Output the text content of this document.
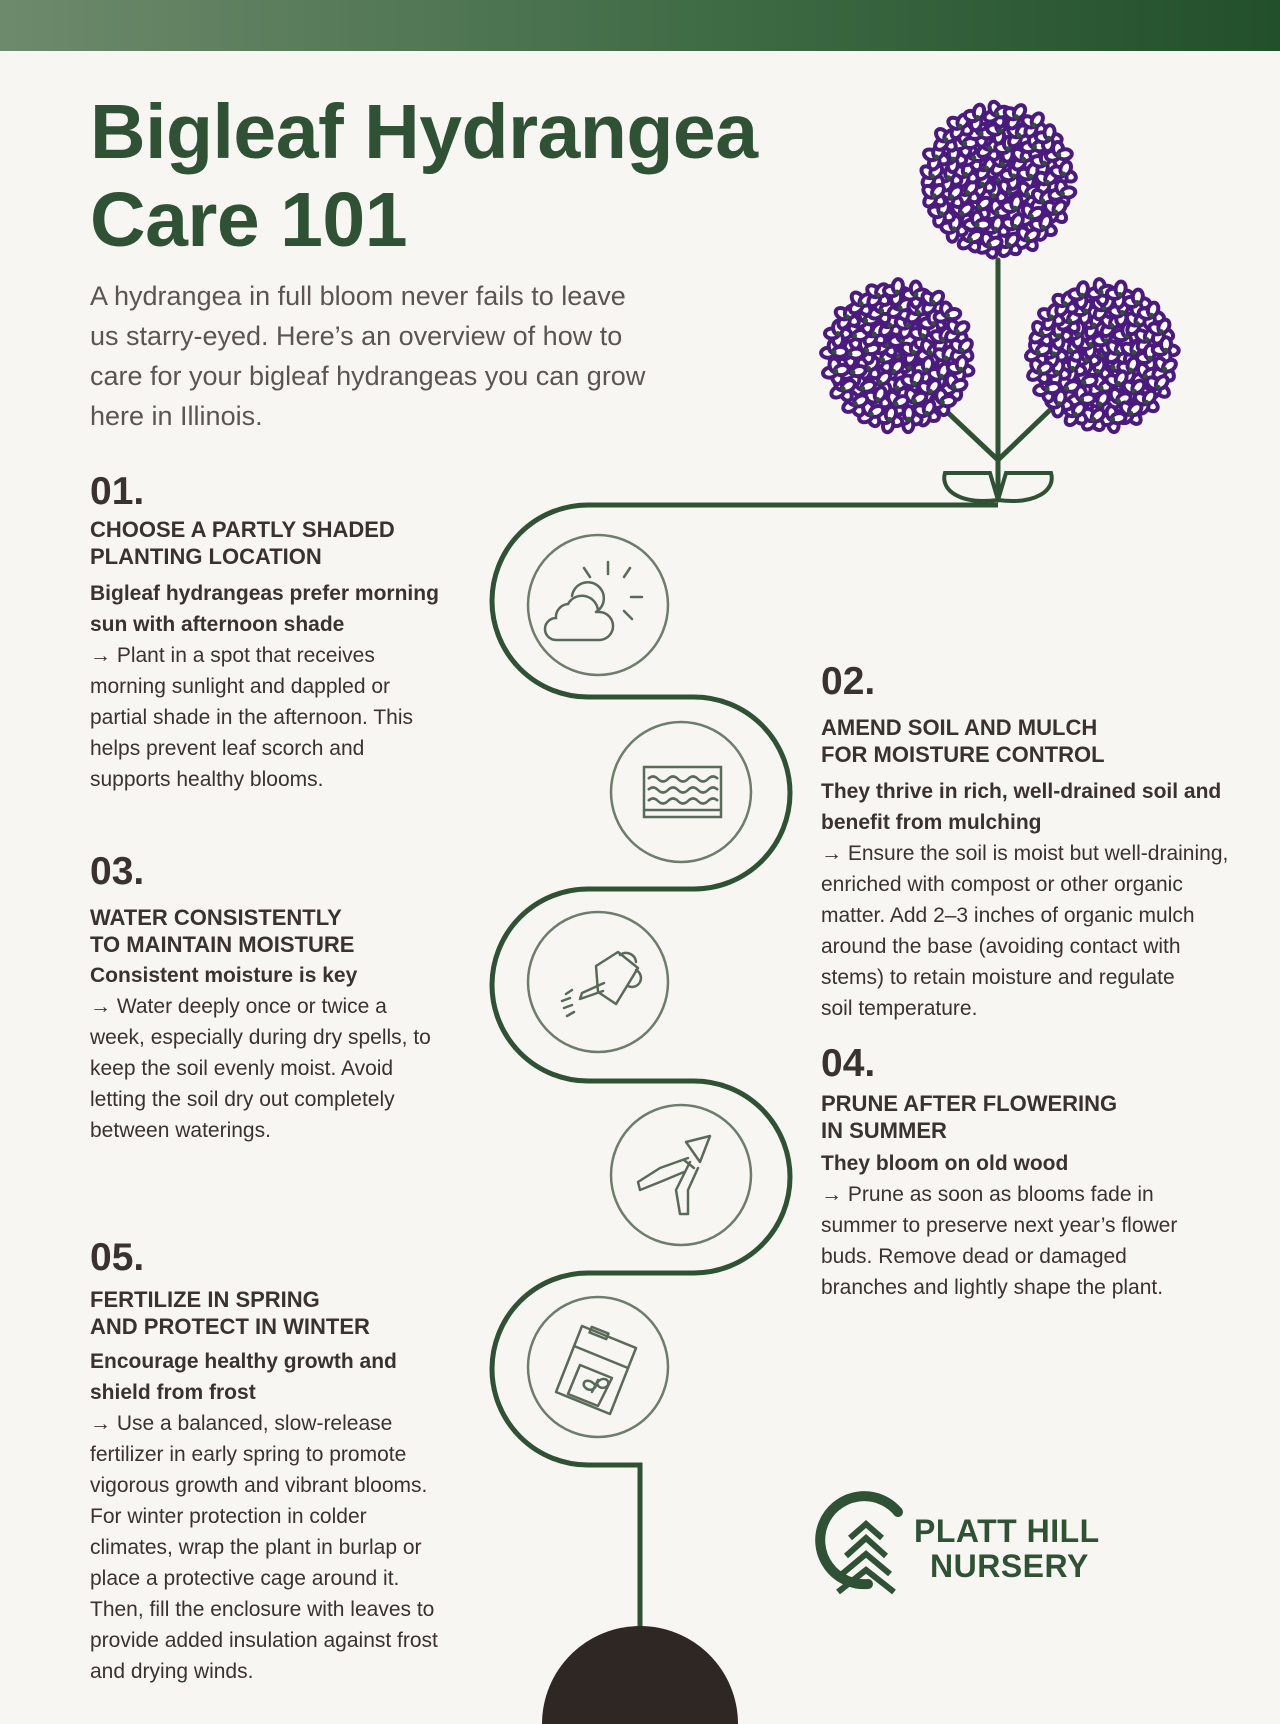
Bigleaf Hydrangea
Care 101

A hydrangea in full bloom never fails to leave
us starry-eyed. Here’s an overview of how to
care for your bigleaf hydrangeas you can grow
here in Illinois.

01.
CHOOSE A PARTLY SHADED
PLANTING LOCATION
Bigleaf hydrangeas prefer morning
sun with afternoon shade
→ Plant in a spot that receives
morning sunlight and dappled or
partial shade in the afternoon. This
helps prevent leaf scorch and
supports healthy blooms.
02.
AMEND SOIL AND MULCH
FOR MOISTURE CONTROL
They thrive in rich, well-drained soil and
benefit from mulching
→ Ensure the soil is moist but well-draining,
enriched with compost or other organic
matter. Add 2–3 inches of organic mulch
around the base (avoiding contact with
stems) to retain moisture and regulate
soil temperature.
03.
WATER CONSISTENTLY
TO MAINTAIN MOISTURE
Consistent moisture is key
→ Water deeply once or twice a
week, especially during dry spells, to
keep the soil evenly moist. Avoid
letting the soil dry out completely
between waterings.
04.
PRUNE AFTER FLOWERING
IN SUMMER
They bloom on old wood
→ Prune as soon as blooms fade in
summer to preserve next year’s flower
buds. Remove dead or damaged
branches and lightly shape the plant.
05.
FERTILIZE IN SPRING
AND PROTECT IN WINTER
Encourage healthy growth and
shield from frost
→ Use a balanced, slow-release
fertilizer in early spring to promote
vigorous growth and vibrant blooms.
For winter protection in colder
climates, wrap the plant in burlap or
place a protective cage around it.
Then, fill the enclosure with leaves to
provide added insulation against frost
and drying winds.
PLATT HILL
NURSERY
